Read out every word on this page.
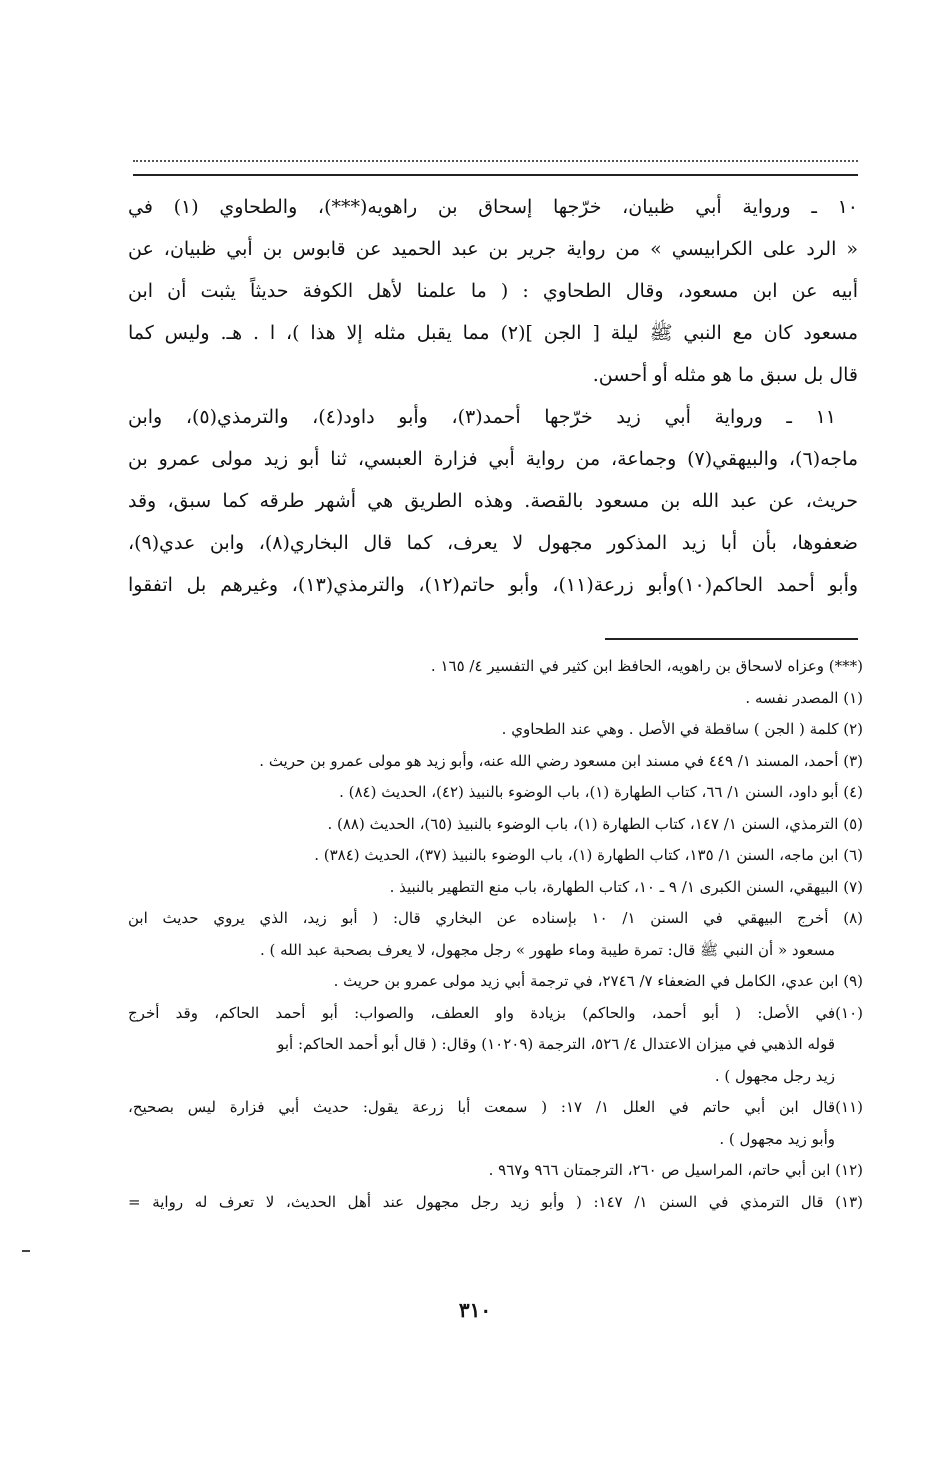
١٠ ـ ورواية أبي ظبيان، خرّجها إسحاق بن راهويه(***)، والطحاوي (١) في
« الرد على الكرابيسي » من رواية جرير بن عبد الحميد عن قابوس بن أبي ظبيان، عن
أبيه عن ابن مسعود، وقال الطحاوي : ( ما علمنا لأهل الكوفة حديثاً يثبت أن ابن
مسعود كان مع النبي ﷺ ليلة [ الجن ](٢) مما يقبل مثله إلا هذا )، ا . هـ. وليس كما
قال بل سبق ما هو مثله أو أحسن.
١١ ـ ورواية أبي زيد خرّجها أحمد(٣)، وأبو داود(٤)، والترمذي(٥)، وابن
ماجه(٦)، والبيهقي(٧) وجماعة، من رواية أبي فزارة العبسي، ثنا أبو زيد مولى عمرو بن
حريث، عن عبد الله بن مسعود بالقصة. وهذه الطريق هي أشهر طرقه كما سبق، وقد
ضعفوها، بأن أبا زيد المذكور مجهول لا يعرف، كما قال البخاري(٨)، وابن عدي(٩)،
وأبو أحمد الحاكم(١٠)وأبو زرعة(١١)، وأبو حاتم(١٢)، والترمذي(١٣)، وغيرهم بل اتفقوا
(***) وعزاه لاسحاق بن راهويه، الحافظ ابن كثير في التفسير ٤/ ١٦٥ .
(١) المصدر نفسه .
(٢) كلمة ( الجن ) ساقطة في الأصل . وهي عند الطحاوي .
(٣) أحمد، المسند ١/ ٤٤٩ في مسند ابن مسعود رضي الله عنه، وأبو زيد هو مولى عمرو بن حريث .
(٤) أبو داود، السنن ١/ ٦٦، كتاب الطهارة (١)، باب الوضوء بالنبيذ (٤٢)، الحديث (٨٤) .
(٥) الترمذي، السنن ١/ ١٤٧، كتاب الطهارة (١)، باب الوضوء بالنبيذ (٦٥)، الحديث (٨٨) .
(٦) ابن ماجه، السنن ١/ ١٣٥، كتاب الطهارة (١)، باب الوضوء بالنبيذ (٣٧)، الحديث (٣٨٤) .
(٧) البيهقي، السنن الكبرى ١/ ٩ ـ ١٠، كتاب الطهارة، باب منع التطهير بالنبيذ .
(٨) أخرج البيهقي في السنن ١/ ١٠ بإسناده عن البخاري قال: ( أبو زيد، الذي يروي حديث ابن
مسعود « أن النبي ﷺ قال: تمرة طيبة وماء طهور » رجل مجهول، لا يعرف بصحبة عبد الله ) .
(٩) ابن عدي، الكامل في الضعفاء ٧/ ٢٧٤٦، في ترجمة أبي زيد مولى عمرو بن حريث .
(١٠)في الأصل: ( أبو أحمد، والحاكم) بزيادة واو العطف، والصواب: أبو أحمد الحاكم، وقد أخرج
قوله الذهبي في ميزان الاعتدال ٤/ ٥٢٦، الترجمة (١٠٢٠٩) وقال: ( قال أبو أحمد الحاكم: أبو
زيد رجل مجهول ) .
(١١)قال ابن أبي حاتم في العلل ١/ ١٧: ( سمعت أبا زرعة يقول: حديث أبي فزارة ليس بصحيح،
وأبو زيد مجهول ) .
(١٢) ابن أبي حاتم، المراسيل ص ٢٦٠، الترجمتان ٩٦٦ و٩٦٧ .
(١٣) قال الترمذي في السنن ١/ ١٤٧: ( وأبو زيد رجل مجهول عند أهل الحديث، لا تعرف له رواية =
٣١٠
